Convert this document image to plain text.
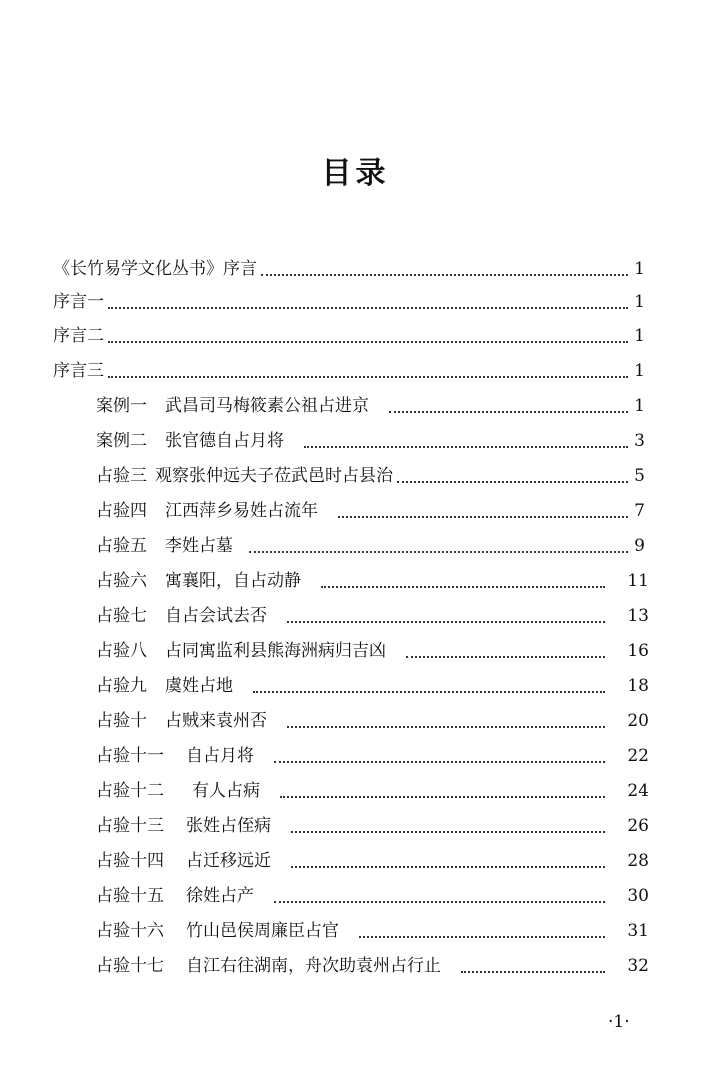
目录
《长竹易学文化丛书》序言	1
序言一	1
序言二	1
序言三	1
案例一 武昌司马梅筱素公祖占进京	1
案例二 张官德自占月将	3
占验三 观察张仲远夫子莅武邑时占县治	5
占验四 江西萍乡易姓占流年	7
占验五 李姓占墓	9
占验六 寓襄阳，自占动静	11
占验七 自占会试去否	13
占验八 占同寓监利县熊海洲病归吉凶	16
占验九 虞姓占地	18
占验十 占贼来袁州否	20
占验十一 自占月将	22
占验十二 有人占病	24
占验十三 张姓占侄病	26
占验十四 占迁移远近	28
占验十五 徐姓占产	30
占验十六 竹山邑侯周廉臣占官	31
占验十七 自江右往湖南，舟次助袁州占行止	32
·1·
